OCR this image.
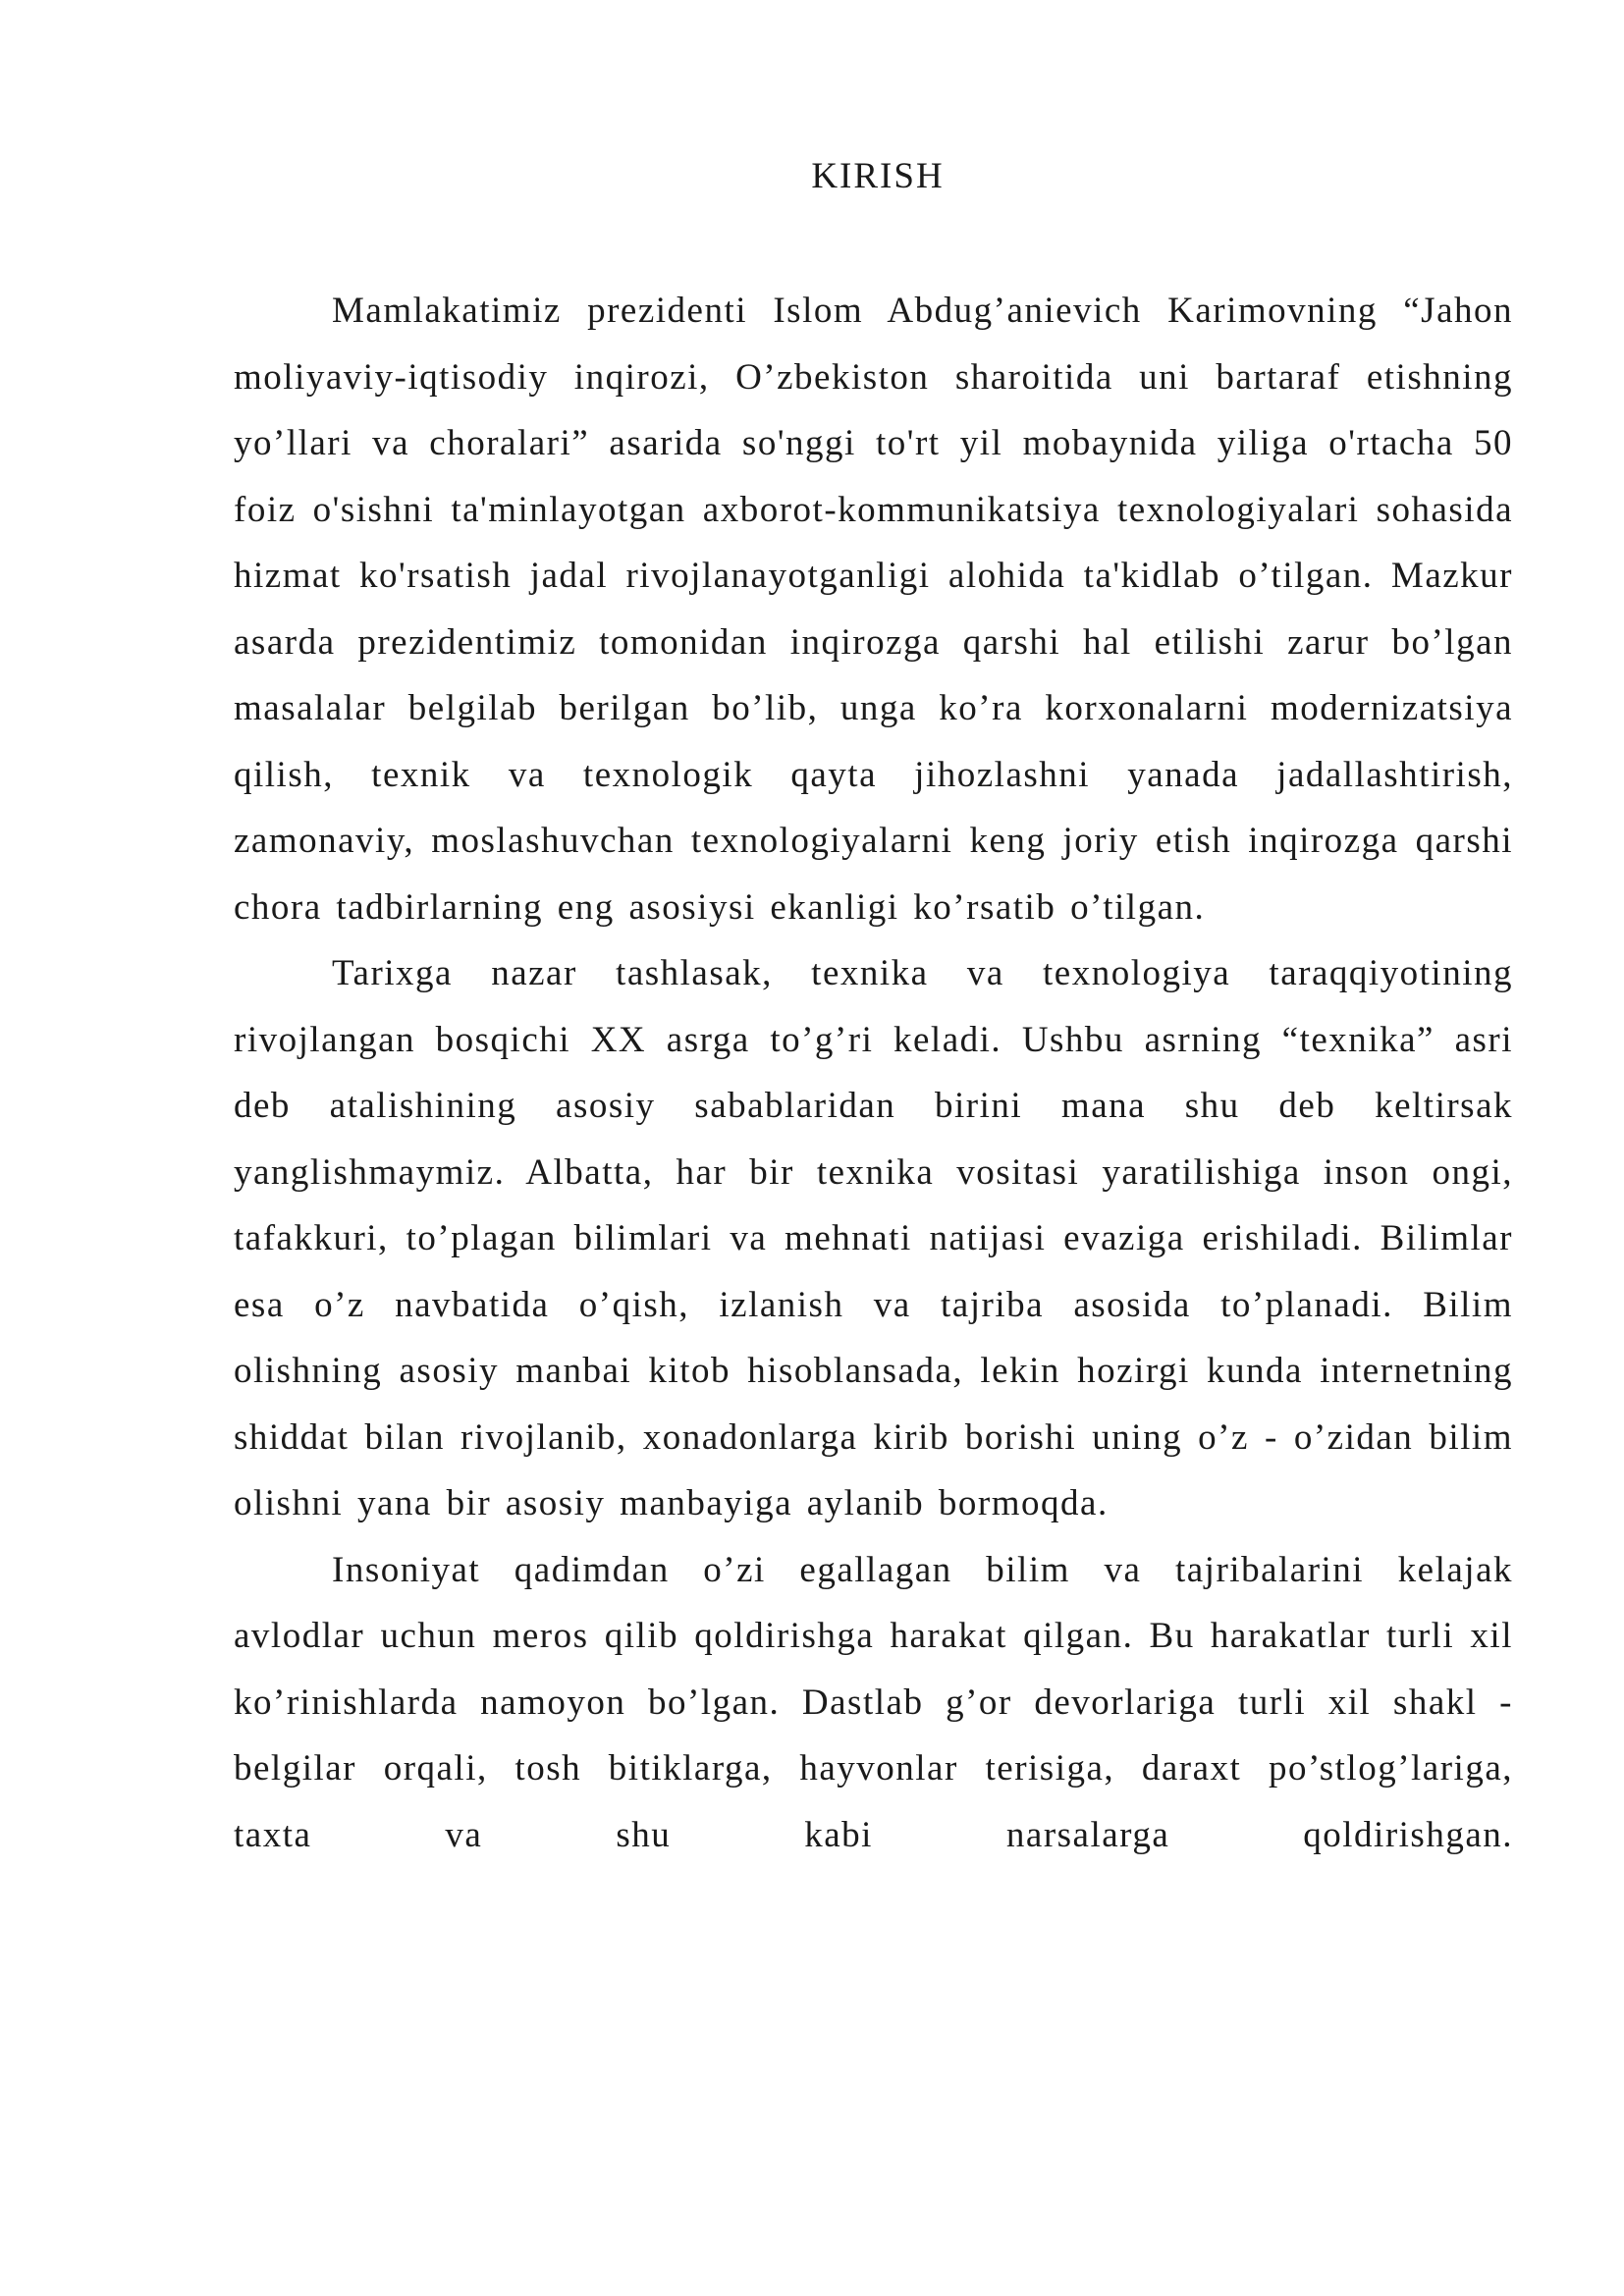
KIRISH

Mamlakatimiz prezidenti Islom Abdug’anievich Karimovning “Jahon moliyaviy-iqtisodiy inqirozi, O’zbekiston sharoitida uni bartaraf etishning yo’llari va choralari” asarida so'nggi to'rt yil mobaynida yiliga o'rtacha 50 foiz o'sishni ta'minlayotgan axborot-kommunikatsiya texnologiyalari sohasida hizmat ko'rsatish jadal rivojlanayotganligi alohida ta'kidlab o’tilgan. Mazkur asarda prezidentimiz tomonidan inqirozga qarshi hal etilishi zarur bo’lgan masalalar belgilab berilgan bo’lib, unga ko’ra korxonalarni modernizatsiya qilish, texnik va texnologik qayta jihozlashni yanada jadallashtirish, zamonaviy, moslashuvchan texnologiyalarni keng joriy etish inqirozga qarshi chora tadbirlarning eng asosiysi ekanligi ko’rsatib o’tilgan.

Tarixga nazar tashlasak, texnika va texnologiya taraqqiyotining rivojlangan bosqichi XX asrga to’g’ri keladi. Ushbu asrning “texnika” asri deb atalishining asosiy sabablaridan birini mana shu deb keltirsak yanglishmaymiz. Albatta, har bir texnika vositasi yaratilishiga inson ongi, tafakkuri, to’plagan bilimlari va mehnati natijasi evaziga erishiladi. Bilimlar esa o’z navbatida o’qish, izlanish va tajriba asosida to’planadi. Bilim olishning asosiy manbai kitob hisoblansada, lekin hozirgi kunda internetning shiddat bilan rivojlanib, xonadonlarga kirib borishi uning o’z - o’zidan bilim olishni yana bir asosiy manbayiga aylanib bormoqda.

Insoniyat qadimdan o’zi egallagan bilim va tajribalarini kelajak avlodlar uchun meros qilib qoldirishga harakat qilgan. Bu harakatlar turli xil ko’rinishlarda namoyon bo’lgan. Dastlab g’or devorlariga turli xil shakl - belgilar orqali, tosh bitiklarga, hayvonlar terisiga, daraxt po’stlog’lariga, taxta va shu kabi narsalarga qoldirishgan.
